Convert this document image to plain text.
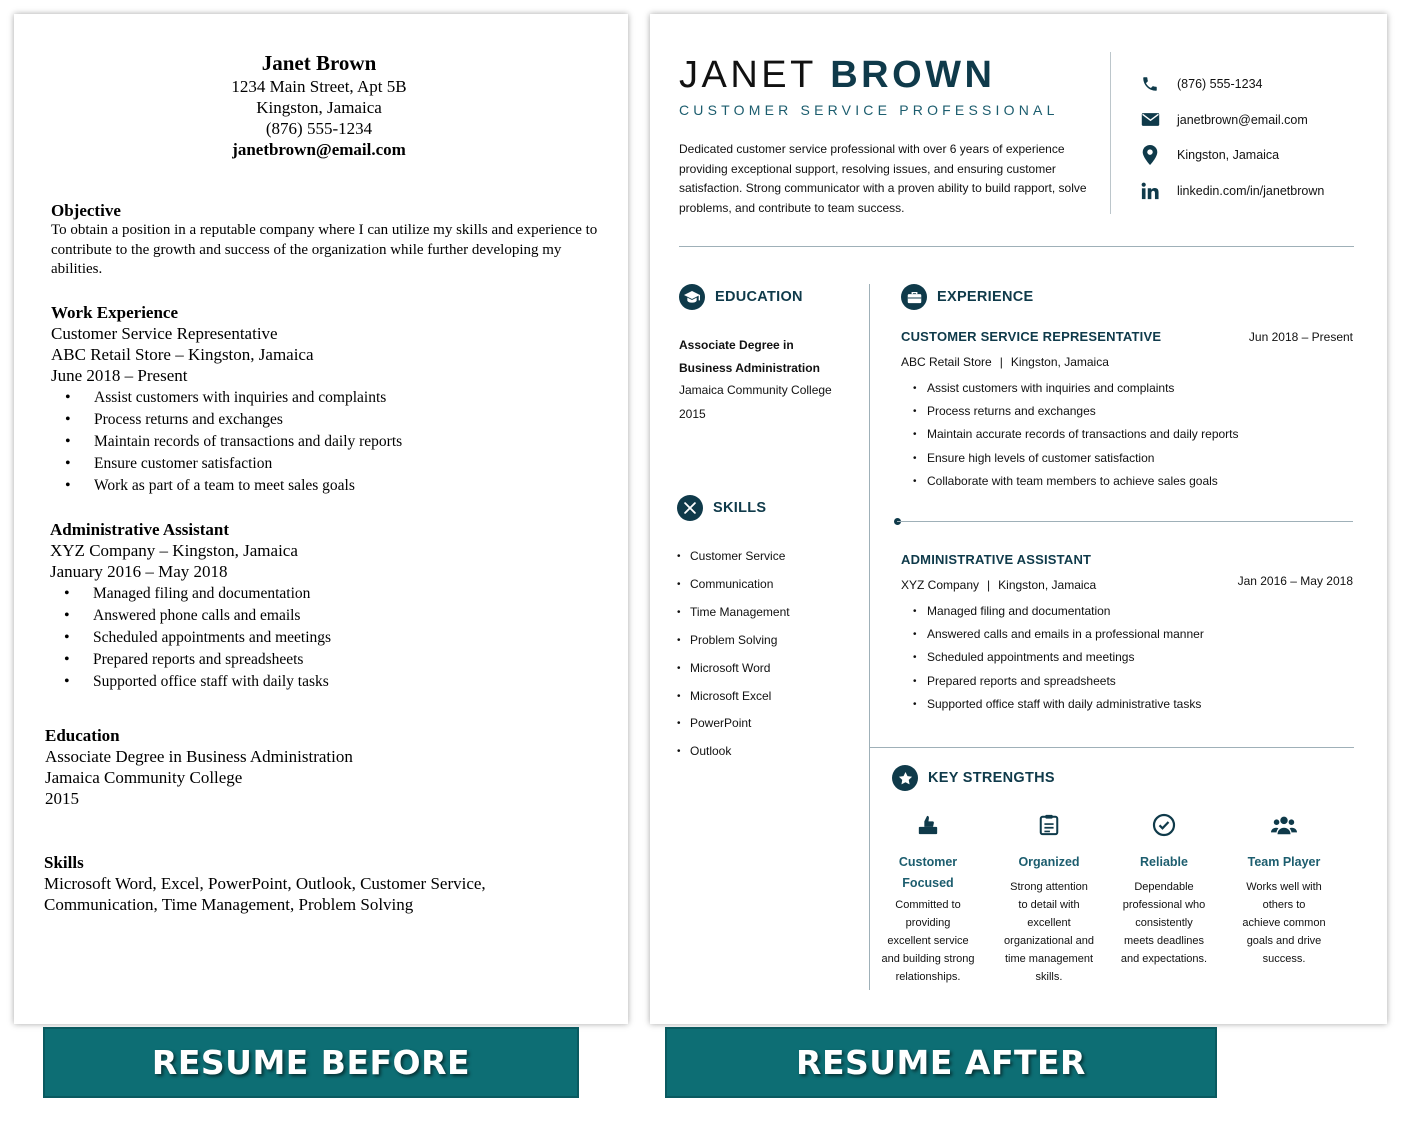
Janet Brown
1234 Main Street, Apt 5B
Kingston, Jamaica
(876) 555-1234
janetbrown@email.com
Objective
To obtain a position in a reputable company where I can utilize my skills and experience to contribute to the growth and success of the organization while further developing my abilities.
Work Experience
Customer Service Representative
ABC Retail Store – Kingston, Jamaica
June 2018 – Present
• Assist customers with inquiries and complaints
• Process returns and exchanges
• Maintain records of transactions and daily reports
• Ensure customer satisfaction
• Work as part of a team to meet sales goals
Administrative Assistant
XYZ Company – Kingston, Jamaica
January 2016 – May 2018
• Managed filing and documentation
• Answered phone calls and emails
• Scheduled appointments and meetings
• Prepared reports and spreadsheets
• Supported office staff with daily tasks
Education
Associate Degree in Business Administration
Jamaica Community College
2015
Skills
Microsoft Word, Excel, PowerPoint, Outlook, Customer Service,
Communication, Time Management, Problem Solving
JANET BROWN
CUSTOMER SERVICE PROFESSIONAL
Dedicated customer service professional with over 6 years of experience providing exceptional support, resolving issues, and ensuring customer satisfaction. Strong communicator with a proven ability to build rapport, solve problems, and contribute to team success.
(876) 555-1234
janetbrown@email.com
Kingston, Jamaica
linkedin.com/in/janetbrown
EDUCATION
Associate Degree in
Business Administration
Jamaica Community College
2015
SKILLS
• Customer Service
• Communication
• Time Management
• Problem Solving
• Microsoft Word
• Microsoft Excel
• PowerPoint
• Outlook
EXPERIENCE
CUSTOMER SERVICE REPRESENTATIVE	Jun 2018 – Present
ABC Retail Store | Kingston, Jamaica
• Assist customers with inquiries and complaints
• Process returns and exchanges
• Maintain accurate records of transactions and daily reports
• Ensure high levels of customer satisfaction
• Collaborate with team members to achieve sales goals
ADMINISTRATIVE ASSISTANT
Jan 2016 – May 2018
XYZ Company | Kingston, Jamaica
• Managed filing and documentation
• Answered calls and emails in a professional manner
• Scheduled appointments and meetings
• Prepared reports and spreadsheets
• Supported office staff with daily administrative tasks
KEY STRENGTHS
Customer
Focused
Committed to
providing
excellent service
and building strong
relationships.
Organized
Strong attention
to detail with
excellent
organizational and
time management
skills.
Reliable
Dependable
professional who
consistently
meets deadlines
and expectations.
Team Player
Works well with
others to
achieve common
goals and drive
success.
RESUME BEFORE	RESUME AFTER
